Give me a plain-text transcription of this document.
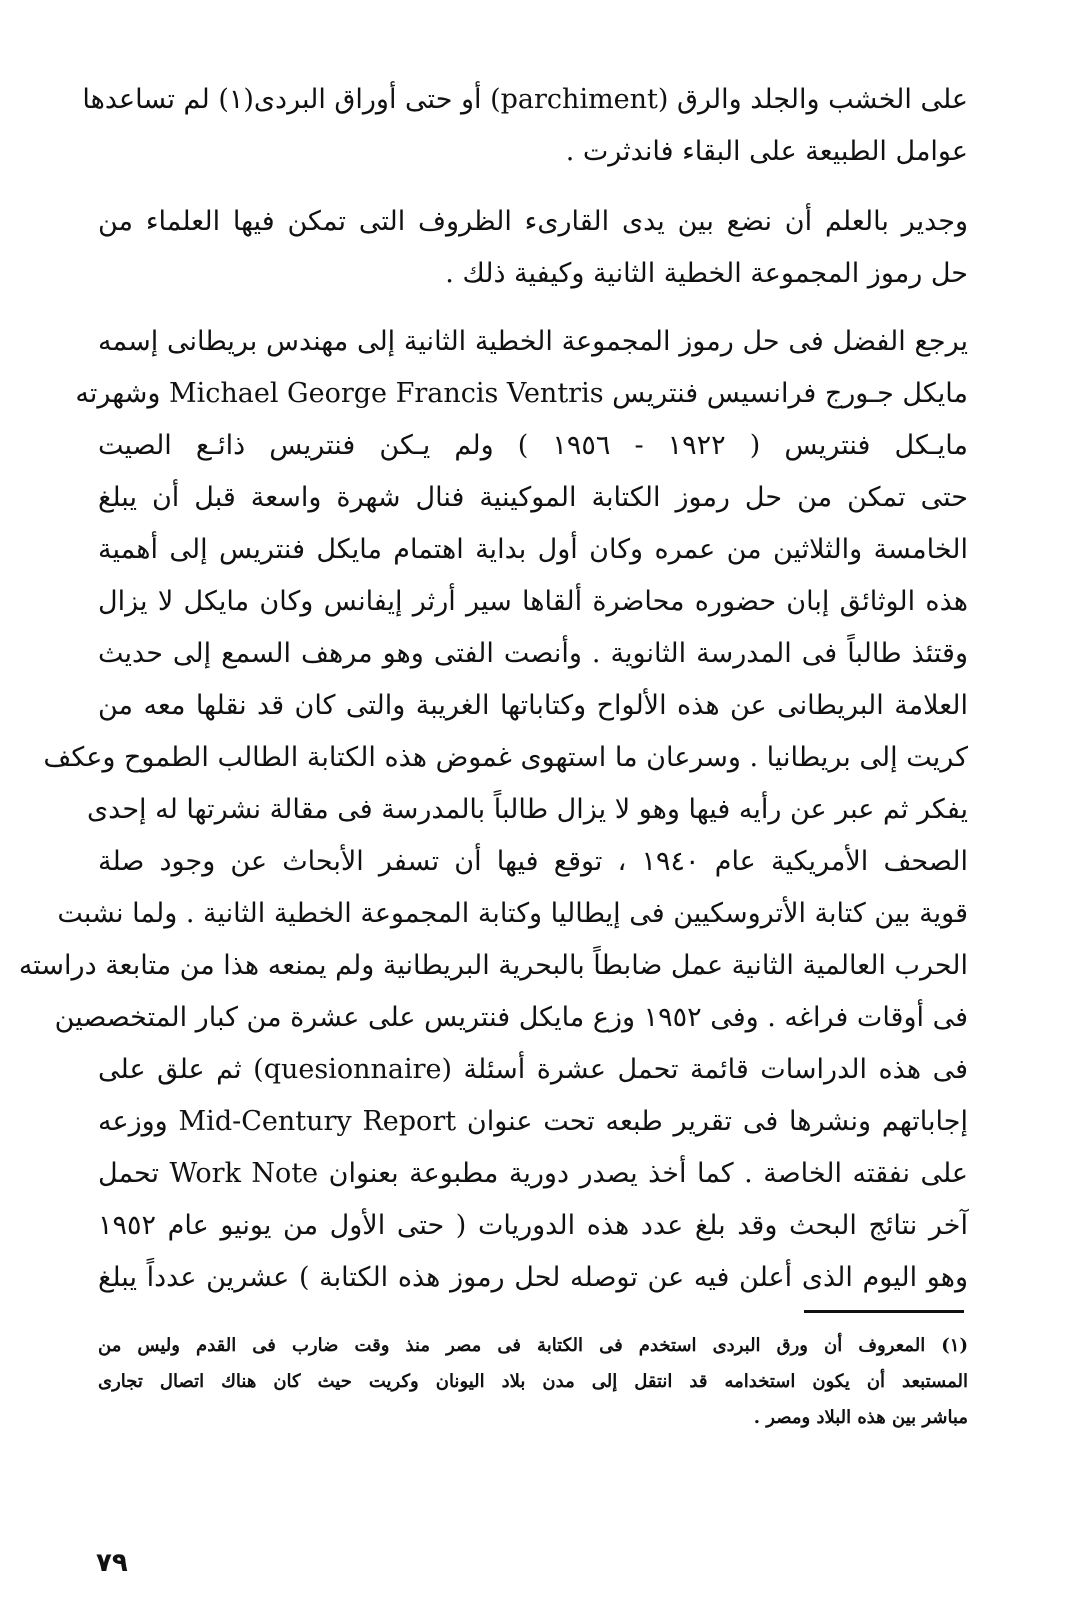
على الخشب والجلد والرق (parchiment) أو حتى أوراق البردى(١) لم تساعدها
عوامل الطبيعة على البقاء فاندثرت .
وجدير بالعلم أن نضع بين يدى القارىء الظروف التى تمكن فيها العلماء من
حل رموز المجموعة الخطية الثانية وكيفية ذلك .
يرجع الفضل فى حل رموز المجموعة الخطية الثانية إلى مهندس بريطانى إسمه
مايكل جـورج فرانسيس فنتريس Michael George Francis Ventris وشهرته
مايـكل فنتريس ( ١٩٢٢ - ١٩٥٦ ) ولم يـكن فنتريس ذائـع الصيت
حتى تمكن من حل رموز الكتابة الموكينية فنال شهرة واسعة قبل أن يبلغ
الخامسة والثلاثين من عمره وكان أول بداية اهتمام مايكل فنتريس إلى أهمية
هذه الوثائق إبان حضوره محاضرة ألقاها سير أرثر إيفانس وكان مايكل لا يزال
وقتئذ طالباً فى المدرسة الثانوية . وأنصت الفتى وهو مرهف السمع إلى حديث
العلامة البريطانى عن هذه الألواح وكتاباتها الغريبة والتى كان قد نقلها معه من
كريت إلى بريطانيا . وسرعان ما استهوى غموض هذه الكتابة الطالب الطموح وعكف
يفكر ثم عبر عن رأيه فيها وهو لا يزال طالباً بالمدرسة فى مقالة نشرتها له إحدى
الصحف الأمريكية عام ١٩٤٠ ، توقع فيها أن تسفر الأبحاث عن وجود صلة
قوية بين كتابة الأتروسكيين فى إيطاليا وكتابة المجموعة الخطية الثانية . ولما نشبت
الحرب العالمية الثانية عمل ضابطاً بالبحرية البريطانية ولم يمنعه هذا من متابعة دراسته
فى أوقات فراغه . وفى ١٩٥٢ وزع مايكل فنتريس على عشرة من كبار المتخصصين
فى هذه الدراسات قائمة تحمل عشرة أسئلة (quesionnaire) ثم علق على
إجاباتهم ونشرها فى تقرير طبعه تحت عنوان Mid-Century Report ووزعه
على نفقته الخاصة . كما أخذ يصدر دورية مطبوعة بعنوان Work Note تحمل
آخر نتائج البحث وقد بلغ عدد هذه الدوريات ( حتى الأول من يونيو عام ١٩٥٢
وهو اليوم الذى أعلن فيه عن توصله لحل رموز هذه الكتابة ) عشرين عدداً يبلغ
(١) المعروف أن ورق البردى استخدم فى الكتابة فى مصر منذ وقت ضارب فى القدم وليس من
المستبعد أن يكون استخدامه قد انتقل إلى مدن بلاد اليونان وكريت حيث كان هناك اتصال تجارى
مباشر بين هذه البلاد ومصر .
٧٩
